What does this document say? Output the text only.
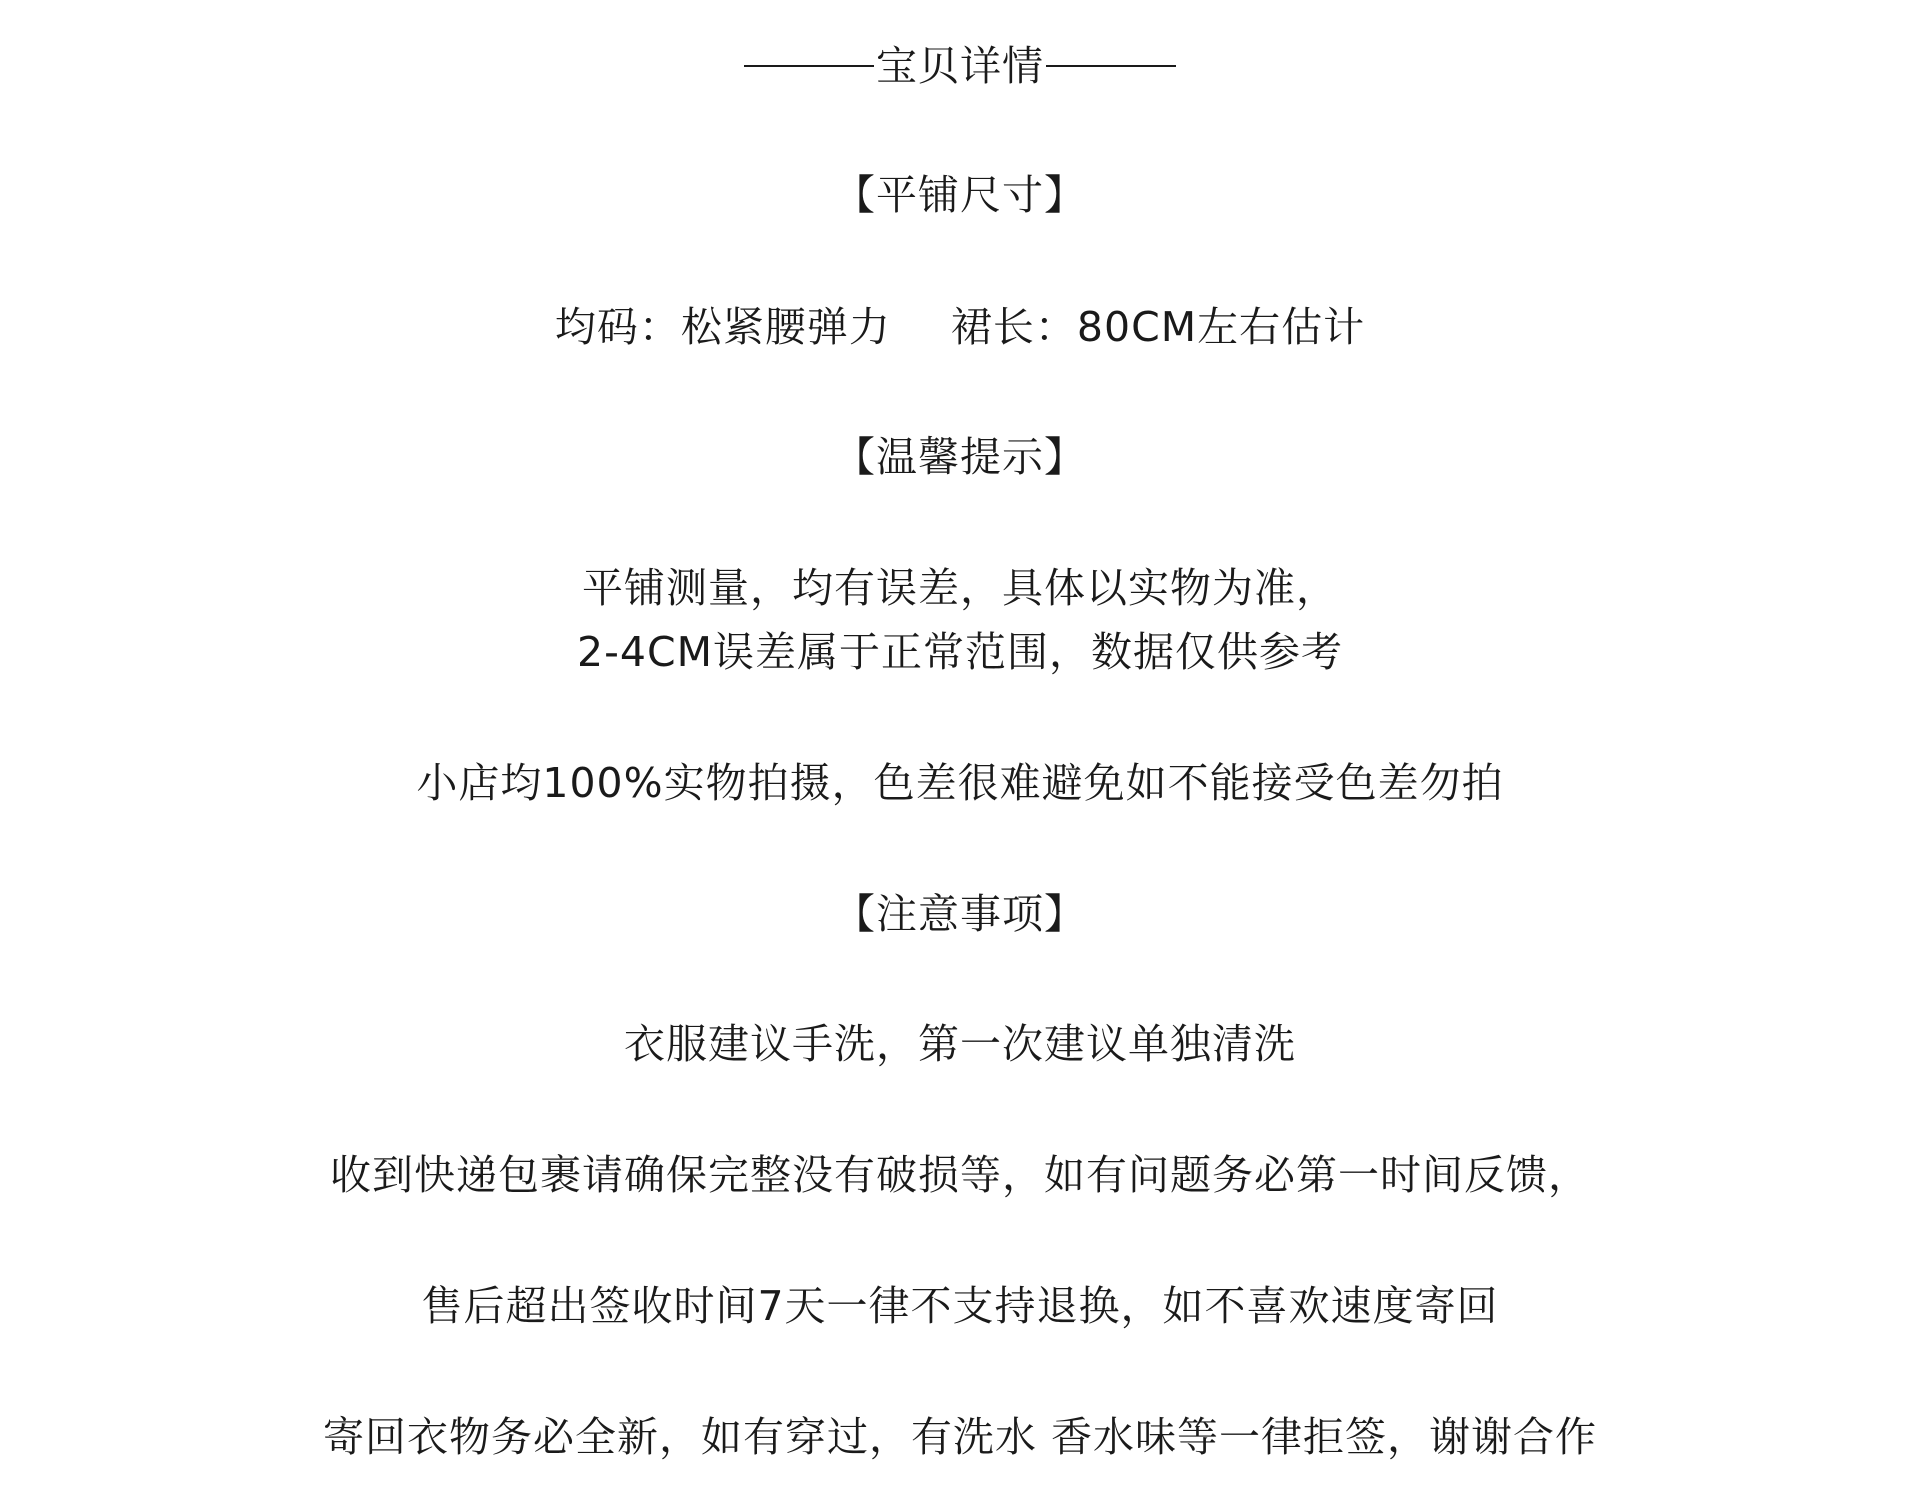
宝贝详情
【平铺尺寸】
均码：松紧腰弹力 裙长：80CM左右估计
【温馨提示】
平铺测量，均有误差，具体以实物为准，
2-4CM误差属于正常范围，数据仅供参考
小店均100%实物拍摄，色差很难避免如不能接受色差勿拍
【注意事项】
衣服建议手洗，第一次建议单独清洗
收到快递包裹请确保完整没有破损等，如有问题务必第一时间反馈，
售后超出签收时间7天一律不支持退换，如不喜欢速度寄回
寄回衣物务必全新，如有穿过，有洗水 香水味等一律拒签，谢谢合作
